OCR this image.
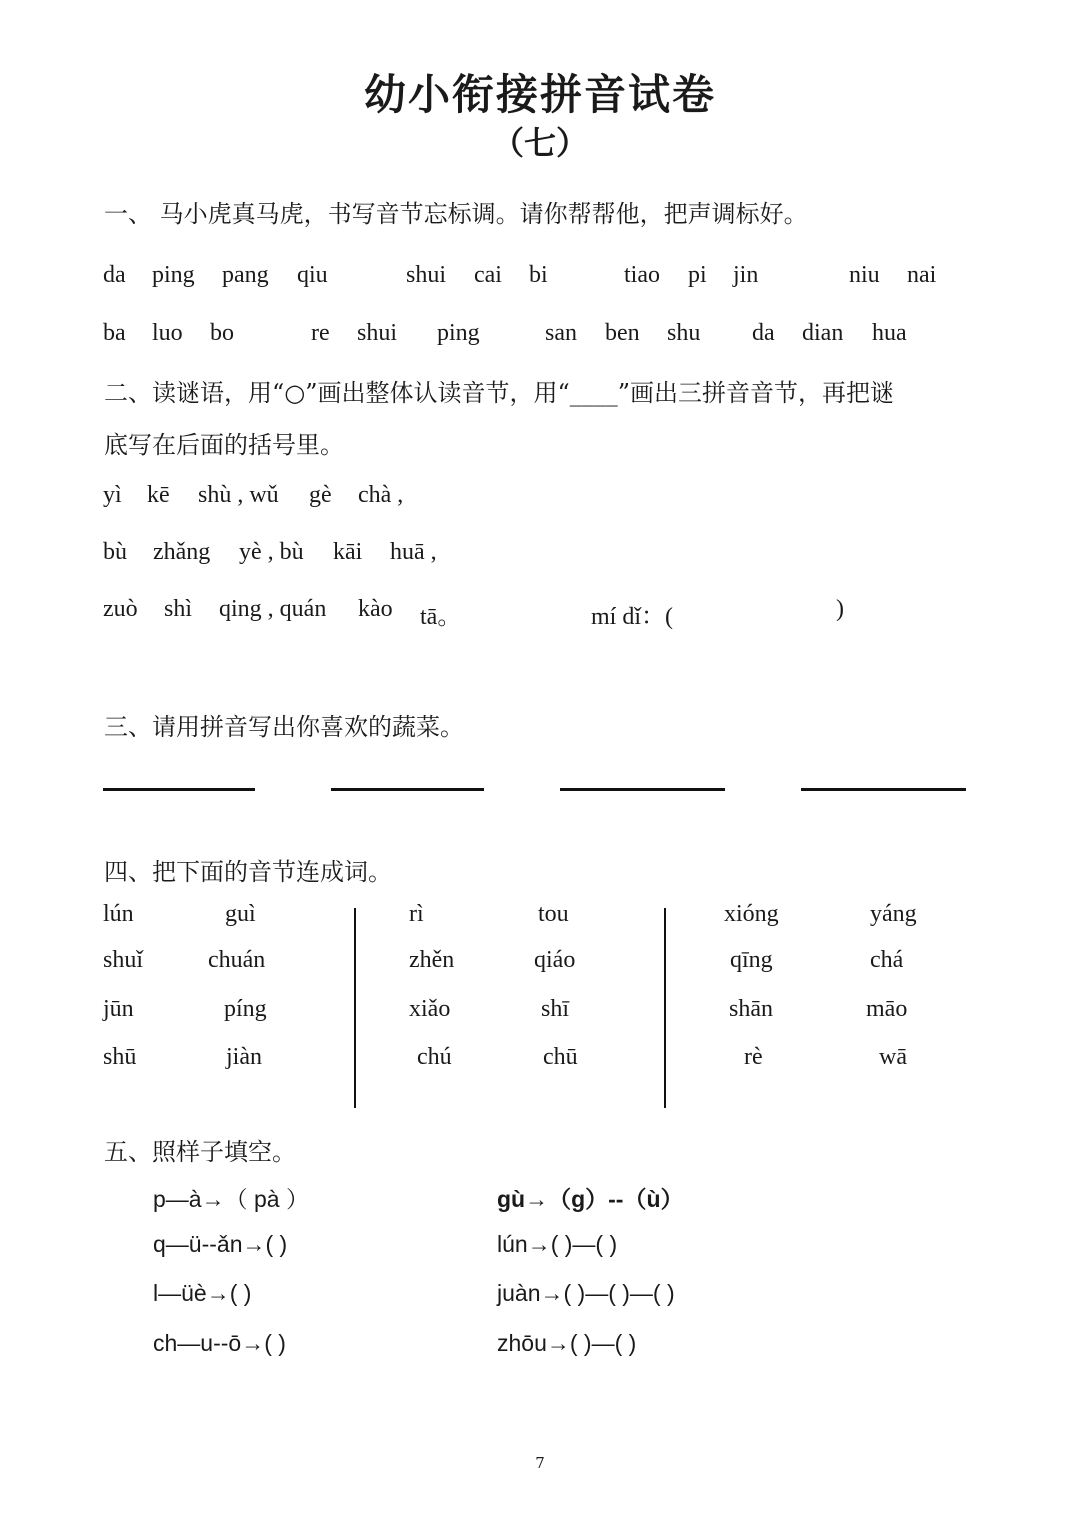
幼小衔接拼音试卷
（七）
一、 马小虎真马虎，书写音节忘标调。请你帮帮他，把声调标好。
da ping pang qiu	shui cai bi	tiao pi jin	niu nai
ba luo bo	re shui ping	san ben shu da dian hua
二、读谜语，用“○”画出整体认读音节，用“____”画出三拼音音节，再把谜
底写在后面的括号里。
yì kē shù , wǔ gè chà ,
bù zhǎng yè , bù kāi huā ,
zuò shì qing , quán kào tā。	mí dǐ：(	)
三、请用拼音写出你喜欢的蔬菜。
四、把下面的音节连成词。
lún	guì
shuǐ	chuán
jūn	píng
shū	jiàn
rì	tou
zhěn	qiáo
xiǎo	shī
chú	chū
xióng	yáng
qīng	chá
shān	māo
rè	wā
五、照样子填空。
p—à→（ pà ）
q—ü--ǎn→( )
l—üè→( )
ch—u--ō→( )
gù→（g）--（ù）
lún→( )—( )
juàn→( )—( )—( )
zhōu→( )—( )
7
